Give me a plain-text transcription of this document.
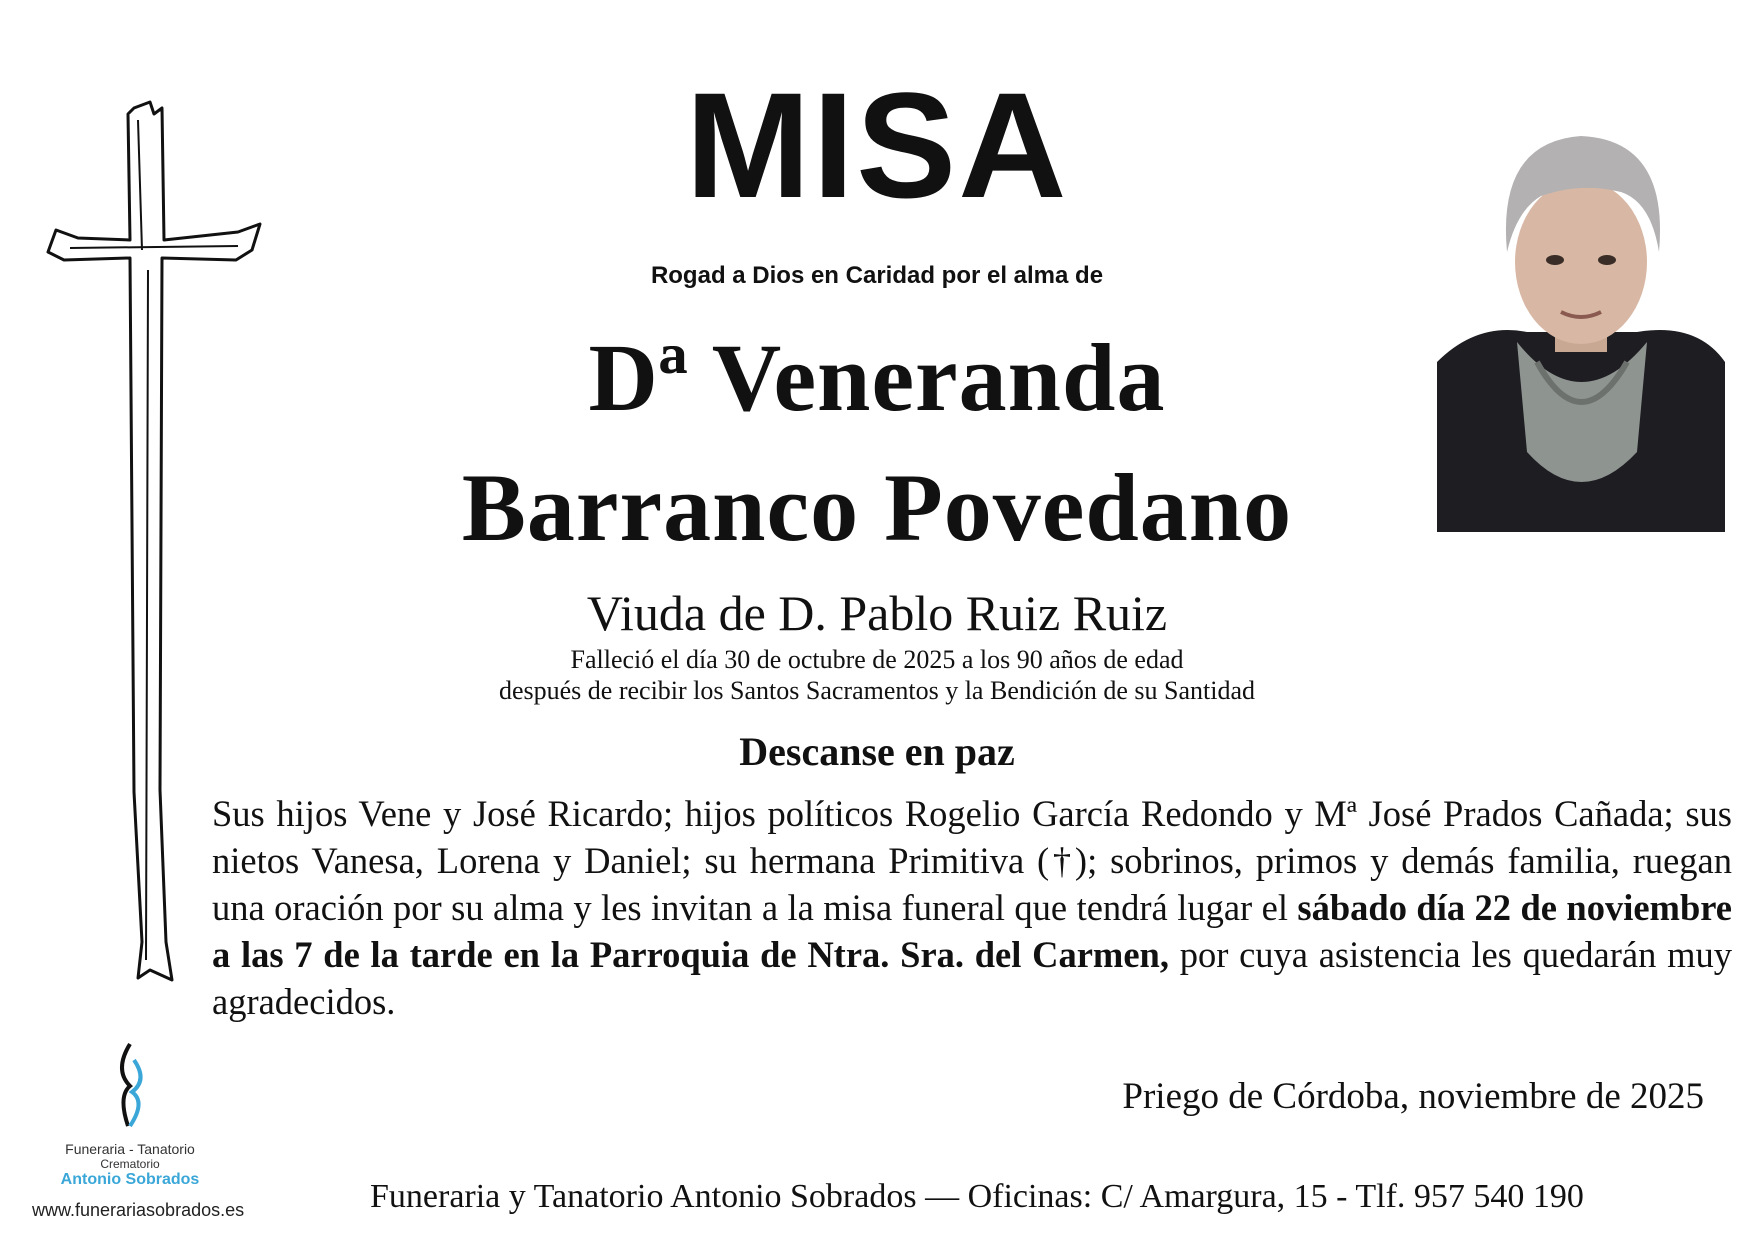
MISA
Rogad a Dios en Caridad por el alma de
Dª Veneranda
Barranco Povedano
Viuda de D. Pablo Ruiz Ruiz
Falleció el día 30 de octubre de 2025 a los 90 años de edad
después de recibir los Santos Sacramentos y la Bendición de su Santidad
Descanse en paz
Sus hijos Vene y José Ricardo; hijos políticos Rogelio García Redondo y Mª José Prados Cañada; sus nietos Vanesa, Lorena y Daniel; su hermana Primitiva (†); sobrinos, primos y demás familia, ruegan una oración por su alma y les invitan a la misa funeral que tendrá lugar el sábado día 22 de noviembre a las 7 de la tarde en la Parroquia de Ntra. Sra. del Carmen, por cuya asistencia les quedarán muy agradecidos.
Priego de Córdoba, noviembre de 2025
Funeraria - Tanatorio
Crematorio
Antonio Sobrados
www.funerariasobrados.es	Funeraria y Tanatorio Antonio Sobrados — Oficinas: C/ Amargura, 15 - Tlf. 957 540 190
